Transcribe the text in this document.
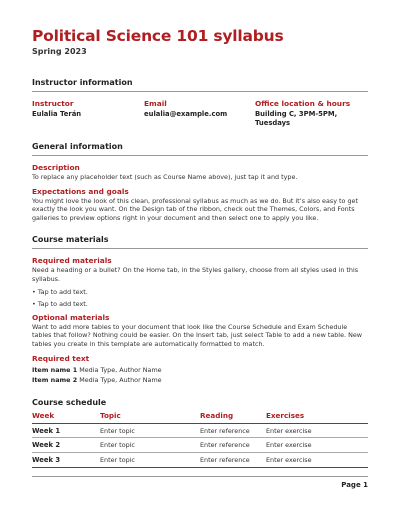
Political Science 101 syllabus
Spring 2023
Instructor information
Instructor
Eulalia Terán
Email
eulalia@example.com
Office location & hours
Building C, 3PM-5PM, Tuesdays
General information
Description
To replace any placeholder text (such as Course Name above), just tap it and type.
Expectations and goals
You might love the look of this clean, professional syllabus as much as we do. But it’s also easy to get exactly the look you want. On the Design tab of the ribbon, check out the Themes, Colors, and Fonts galleries to preview options right in your document and then select one to apply you like.
Course materials
Required materials
Need a heading or a bullet? On the Home tab, in the Styles gallery, choose from all styles used in this syllabus.
• Tap to add text.
• Tap to add text.
Optional materials
Want to add more tables to your document that look like the Course Schedule and Exam Schedule tables that follow? Nothing could be easier. On the Insert tab, just select Table to add a new table. New tables you create in this template are automatically formatted to match.
Required text
Item name 1 Media Type, Author Name
Item name 2 Media Type, Author Name
Course schedule
Week	Topic	Reading	Exercises
Week 1	Enter topic	Enter reference	Enter exercise
Week 2	Enter topic	Enter reference	Enter exercise
Week 3	Enter topic	Enter reference	Enter exercise
Page 1
